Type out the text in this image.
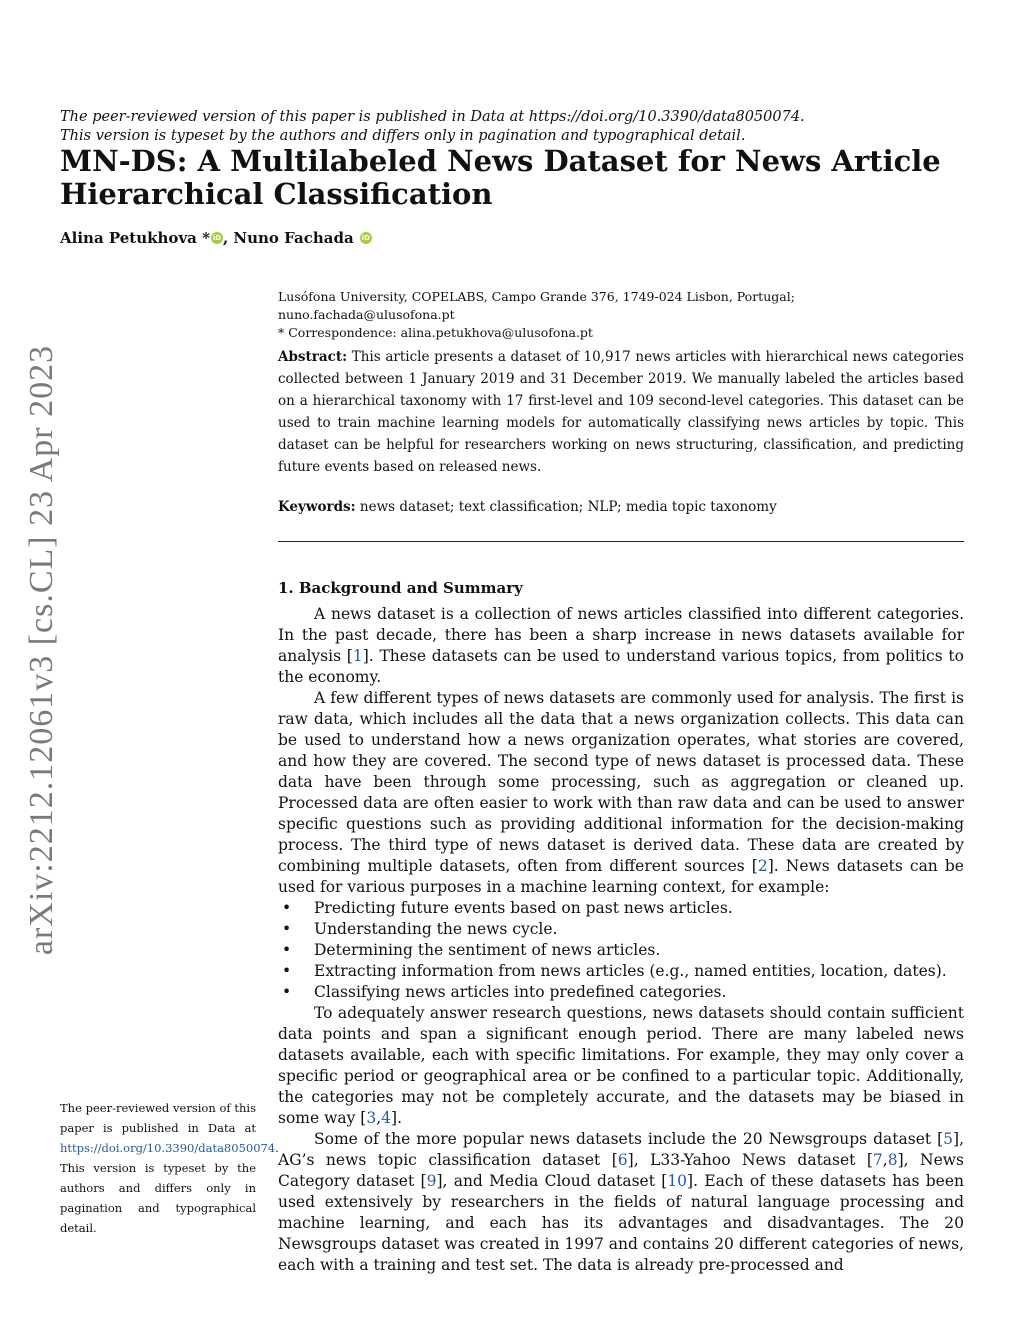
The peer-reviewed version of this paper is published in Data at https://doi.org/10.3390/data8050074.
This version is typeset by the authors and differs only in pagination and typographical detail.
MN-DS: A Multilabeled News Dataset for News Article Hierarchical Classification
Alina Petukhova * iD , Nuno Fachada iD
Lusófona University, COPELABS, Campo Grande 376, 1749-024 Lisbon, Portugal; nuno.fachada@ulusofona.pt
* Correspondence: alina.petukhova@ulusofona.pt
Abstract: This article presents a dataset of 10,917 news articles with hierarchical news categories collected between 1 January 2019 and 31 December 2019. We manually labeled the articles based on a hierarchical taxonomy with 17 first-level and 109 second-level categories. This dataset can be used to train machine learning models for automatically classifying news articles by topic. This dataset can be helpful for researchers working on news structuring, classification, and predicting future events based on released news.
Keywords: news dataset; text classification; NLP; media topic taxonomy
arXiv:2212.12061v3 [cs.CL] 23 Apr 2023
The peer-reviewed version of this paper is published in Data at https://doi.org/10.3390/data8050074. This version is typeset by the authors and differs only in pagination and typographical detail.
1. Background and Summary

A news dataset is a collection of news articles classified into different categories. In the past decade, there has been a sharp increase in news datasets available for analysis [1]. These datasets can be used to understand various topics, from politics to the economy.

A few different types of news datasets are commonly used for analysis. The first is raw data, which includes all the data that a news organization collects. This data can be used to understand how a news organization operates, what stories are covered, and how they are covered. The second type of news dataset is processed data. These data have been through some processing, such as aggregation or cleaned up. Processed data are often easier to work with than raw data and can be used to answer specific questions such as providing additional information for the decision-making process. The third type of news dataset is derived data. These data are created by combining multiple datasets, often from different sources [2]. News datasets can be used for various purposes in a machine learning context, for example:

• Predicting future events based on past news articles.
• Understanding the news cycle.
• Determining the sentiment of news articles.
• Extracting information from news articles (e.g., named entities, location, dates).
• Classifying news articles into predefined categories.

To adequately answer research questions, news datasets should contain sufficient data points and span a significant enough period. There are many labeled news datasets available, each with specific limitations. For example, they may only cover a specific period or geographical area or be confined to a particular topic. Additionally, the categories may not be completely accurate, and the datasets may be biased in some way [3,4].

Some of the more popular news datasets include the 20 Newsgroups dataset [5], AG’s news topic classification dataset [6], L33-Yahoo News dataset [7,8], News Category dataset [9], and Media Cloud dataset [10]. Each of these datasets has been used extensively by researchers in the fields of natural language processing and machine learning, and each has its advantages and disadvantages. The 20 Newsgroups dataset was created in 1997 and contains 20 different categories of news, each with a training and test set. The data is already pre-processed and
